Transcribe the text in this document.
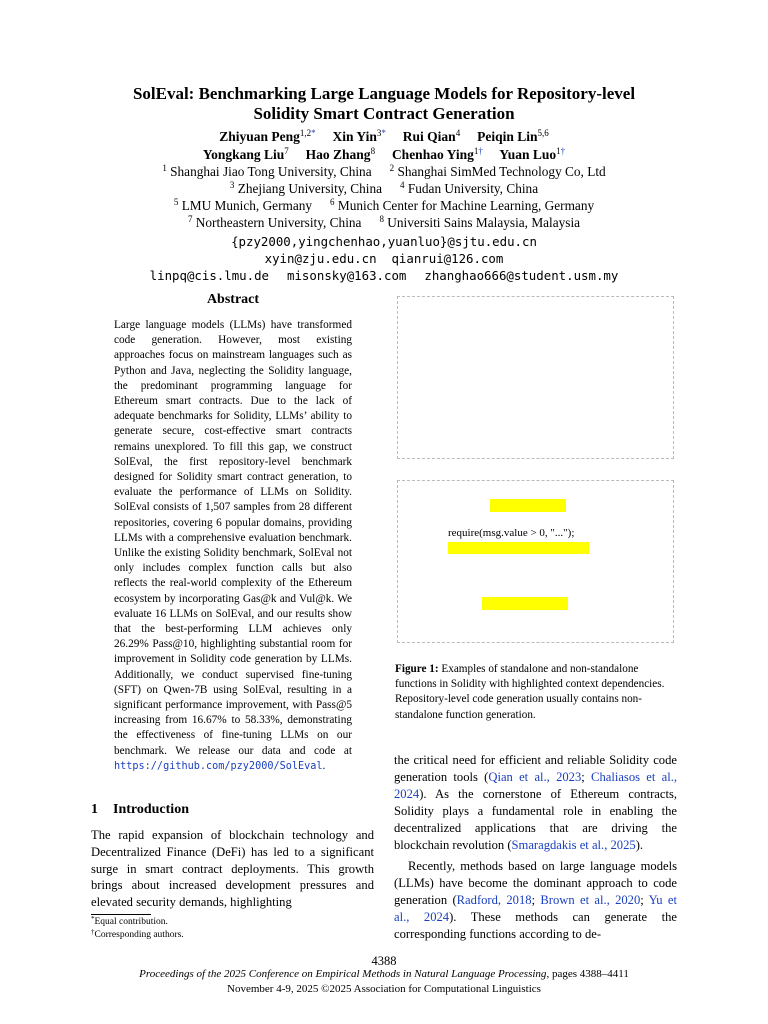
SolEval: Benchmarking Large Language Models for Repository-level
Solidity Smart Contract Generation
Zhiyuan Peng$^{1,2*}$ Xin Yin$^{3*}$ Rui Qian$^4$ Peiqin Lin$^{5,6}$
Yongkang Liu$^7$ Hao Zhang$^8$ Chenhao Ying$^{1\dagger}$ Yuan Luo$^{1\dagger}$
$^1$ Shanghai Jiao Tong University, China $^2$ Shanghai SimMed Technology Co, Ltd
$^3$ Zhejiang University, China $^4$ Fudan University, China
$^5$ LMU Munich, Germany $^6$ Munich Center for Machine Learning, Germany
$^7$ Northeastern University, China $^8$ Universiti Sains Malaysia, Malaysia
{pzy2000,yingchenhao,yuanluo}@sjtu.edu.cn
xyin@zju.edu.cn  qianrui@126.com
linpq@cis.lmu.de misonsky@163.com zhanghao666@student.usm.my
Abstract
Large language models (LLMs) have transformed code generation. However, most existing approaches focus on mainstream languages such as Python and Java, neglecting the Solidity language, the predominant programming language for Ethereum smart contracts. Due to the lack of adequate benchmarks for Solidity, LLMs’ ability to generate secure, cost-effective smart contracts remains unexplored. To fill this gap, we construct SolEval, the first repository-level benchmark designed for Solidity smart contract generation, to evaluate the performance of LLMs on Solidity. SolEval consists of 1,507 samples from 28 different repositories, covering 6 popular domains, providing LLMs with a comprehensive evaluation benchmark. Unlike the existing Solidity benchmark, SolEval not only includes complex function calls but also reflects the real-world complexity of the Ethereum ecosystem by incorporating Gas@k and Vul@k. We evaluate 16 LLMs on SolEval, and our results show that the best-performing LLM achieves only 26.29% Pass@10, highlighting substantial room for improvement in Solidity code generation by LLMs. Additionally, we conduct supervised fine-tuning (SFT) on Qwen-7B using SolEval, resulting in a significant performance improvement, with Pass@5 increasing from 16.67% to 58.33%, demonstrating the effectiveness of fine-tuning LLMs on our benchmark. We release our data and code at https://github.com/pzy2000/SolEval.
1 Introduction
The rapid expansion of blockchain technology and Decentralized Finance (DeFi) has led to a significant surge in smart contract deployments. This growth brings about increased development pressures and elevated security demands, highlighting
*Equal contribution.
†Corresponding authors.
require(msg.value > 0, "...");
Figure 1: Examples of standalone and non-standalone functions in Solidity with highlighted context dependencies. Repository-level code generation usually contains non-standalone function generation.

the critical need for efficient and reliable Solidity code generation tools (Qian et al., 2023; Chaliasos et al., 2024). As the cornerstone of Ethereum contracts, Solidity plays a fundamental role in enabling the decentralized applications that are driving the blockchain revolution (Smaragdakis et al., 2025).

Recently, methods based on large language models (LLMs) have become the dominant approach to code generation (Radford, 2018; Brown et al., 2020; Yu et al., 2024). These methods can generate the corresponding functions according to de-

4388
Proceedings of the 2025 Conference on Empirical Methods in Natural Language Processing, pages 4388–4411
November 4-9, 2025 ©2025 Association for Computational Linguistics
